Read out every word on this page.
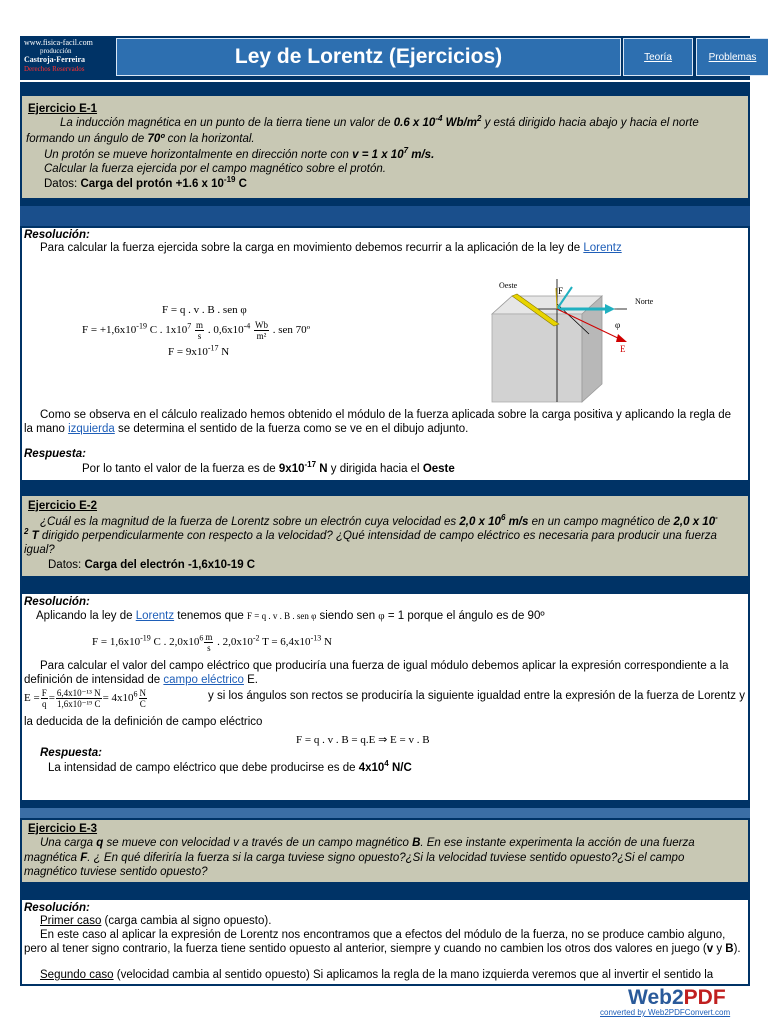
www.fisica-facil.com
producción
Castroja-Ferreira
Derechos Reservados
Ley de Lorentz (Ejercicios)	Teoría	Problemas
Ejercicio E-1
La inducción magnética en un punto de la tierra tiene un valor de 0.6 x $10^{-4}$ $Wb/m^2$ y está dirigido hacia abajo y hacia el norte
formando un ángulo de 70º con la horizontal.
Un protón se mueve horizontalmente en dirección norte con v = 1 x $10^7$ m/s.
Calcular la fuerza ejercida por el campo magnético sobre el protón.
Datos: Carga del protón +1.6 x $10^{-19}$ C
Resolución:
Para calcular la fuerza ejercida sobre la carga en movimiento debemos recurrir a la aplicación de la ley de Lorentz
F = q . v . B . sen φ
$F = +1,6x10^{-19}$ C . $1x10^7 \frac{m}{s}$ . $0,6x10^{-4} \frac{Wb}{\text{m²}}$ . sen 70º
$F = 9x10^{-17}$ N
Oeste
Norte
F
φ
E
Como se observa en el cálculo realizado hemos obtenido el módulo de la fuerza aplicada sobre la carga positiva y aplicando la regla de
la mano izquierda se determina el sentido de la fuerza como se ve en el dibujo adjunto.
Respuesta:
Por lo tanto el valor de la fuerza es de $9x10^{-17}$ N y dirigida hacia el Oeste
Ejercicio E-2
¿Cuál es la magnitud de la fuerza de Lorentz sobre un electrón cuya velocidad es 2,0 x $10^6$ m/s en un campo magnético de 2,0 x 10-
$^2$ T dirigido perpendicularmente con respecto a la velocidad? ¿Qué intensidad de campo eléctrico es necesaria para producir una fuerza
igual?
Datos: Carga del electrón -1,6x10-19 C
Resolución:
Aplicando la ley de Lorentz tenemos que F = q . v . B . sen φ siendo sen φ = 1 porque el ángulo es de 90º
$F = 1,6x10^{-19}$ C . $2,0x10^6 \frac{m}{s}$ . $2,0x10^{-2}$ $T = 6,4x10^{-13}$ N
Para calcular el valor del campo eléctrico que produciría una fuerza de igual módulo debemos aplicar la expresión correspondiente a la
definición de intensidad de campo eléctrico E.
$E = \frac{F}{q} = \frac{\text{6,4x10⁻¹³ N}}{\text{1,6x10⁻¹⁹ C}} = 4x10^6 \frac{N}{C}$	y si los ángulos son rectos se produciría la siguiente igualdad entre la expresión de la fuerza de Lorentz y
la deducida de la definición de campo eléctrico
F = q . v . B = q.E ⇒ E = v . B
Respuesta:
La intensidad de campo eléctrico que debe producirse es de $4x10^4$ N/C
Ejercicio E-3
Una carga q se mueve con velocidad v a través de un campo magnético B. En ese instante experimenta la acción de una fuerza
magnética F. ¿ En qué diferiría la fuerza si la carga tuviese signo opuesto?¿Si la velocidad tuviese sentido opuesto?¿Si el campo
magnético tuviese sentido opuesto?
Resolución:
Primer caso (carga cambia al signo opuesto).
En este caso al aplicar la expresión de Lorentz nos encontramos que a efectos del módulo de la fuerza, no se produce cambio alguno,
pero al tener signo contrario, la fuerza tiene sentido opuesto al anterior, siempre y cuando no cambien los otros dos valores en juego (v y B).
Segundo caso (velocidad cambia al sentido opuesto) Si aplicamos la regla de la mano izquierda veremos que al invertir el sentido la
Web2PDF
converted by Web2PDFConvert.com
